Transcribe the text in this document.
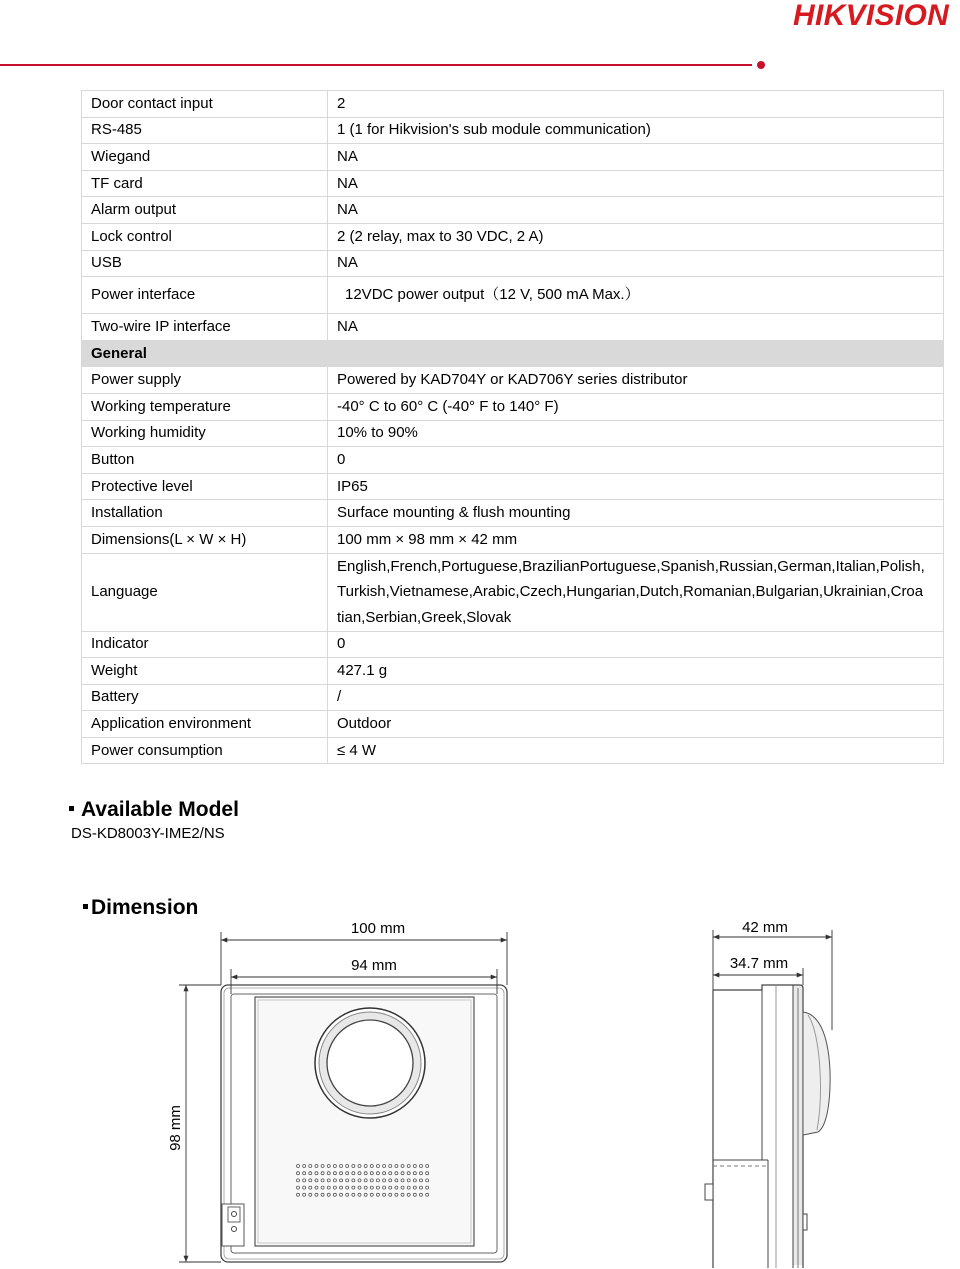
HIKVISION
Door contact input	2
RS-485	1 (1 for Hikvision's sub module communication)
Wiegand	NA
TF card	NA
Alarm output	NA
Lock control	2 (2 relay, max to 30 VDC, 2 A)
USB	NA
Power interface	12VDC power output（12 V, 500 mA Max.）
Two-wire IP interface	NA
General	
Power supply	Powered by KAD704Y or KAD706Y series distributor
Working temperature	-40° C to 60° C (-40° F to 140° F)
Working humidity	10% to 90%
Button	0
Protective level	IP65
Installation	Surface mounting & flush mounting
Dimensions(L × W × H)	100 mm × 98 mm × 42 mm
Language	English,French,Portuguese,BrazilianPortuguese,Spanish,Russian,German,Italian,Polish,
Turkish,Vietnamese,Arabic,Czech,Hungarian,Dutch,Romanian,Bulgarian,Ukrainian,Croa
tian,Serbian,Greek,Slovak

Indicator	0
Weight	427.1 g
Battery	/
Application environment	Outdoor
Power consumption	≤ 4 W
Available Model
DS-KD8003Y-IME2/NS
Dimension
100 mm
94 mm
98 mm
42 mm
34.7 mm
